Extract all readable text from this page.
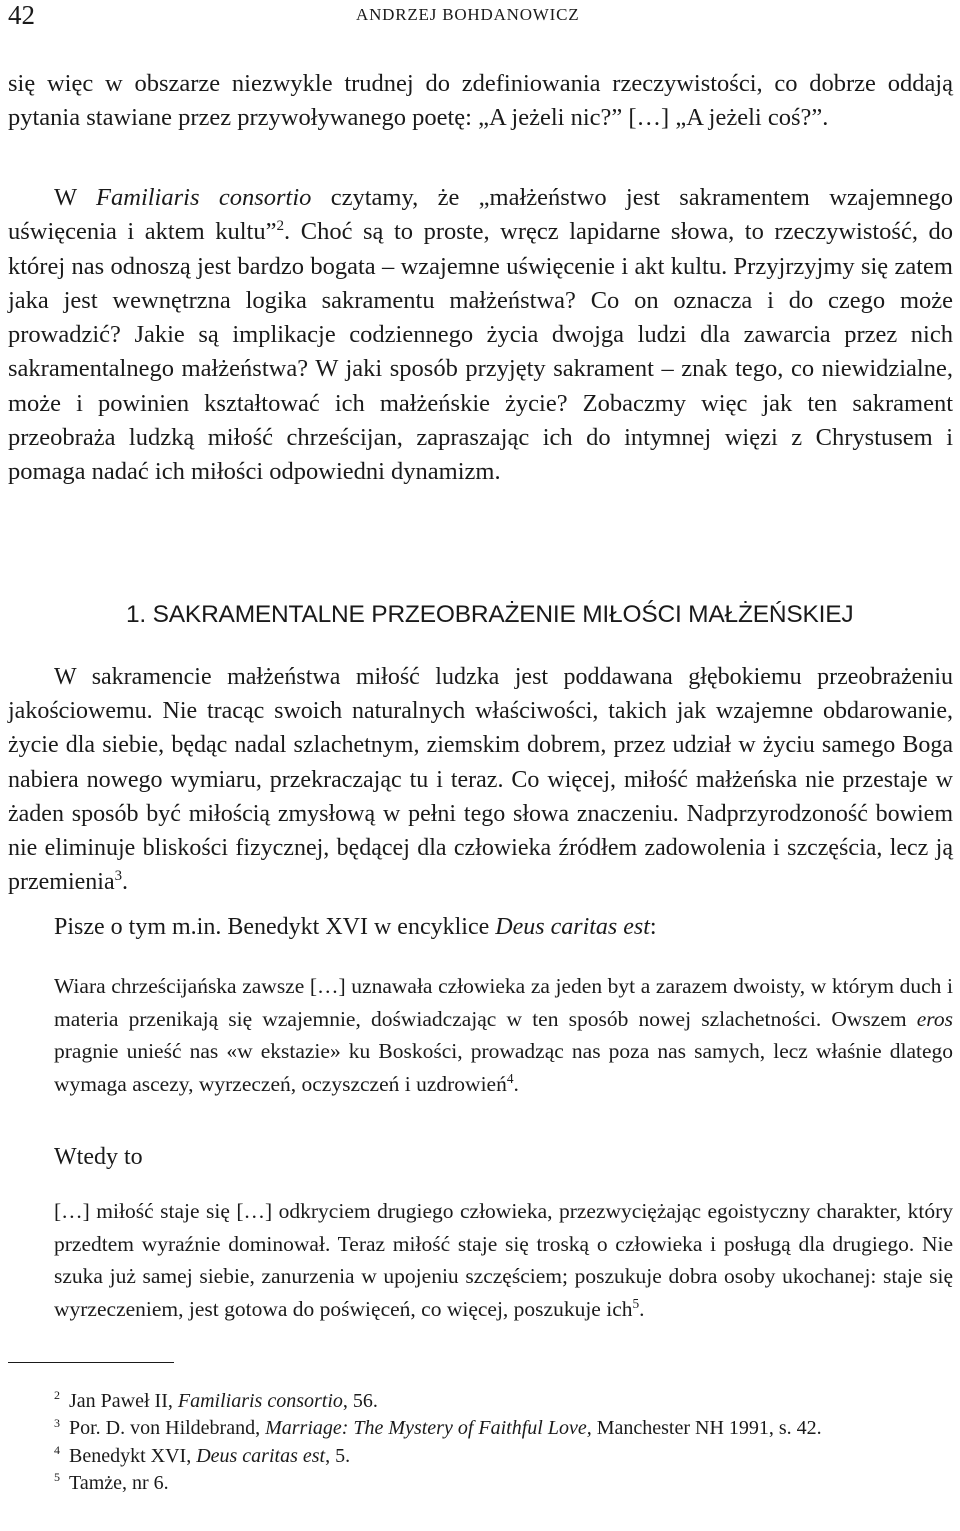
42	ANDRZEJ BOHDANOWICZ

się więc w obszarze niezwykle trudnej do zdefiniowania rzeczywistości, co dobrze oddają pytania stawiane przez przywoływanego poetę: „A jeżeli nic?” […] „A jeżeli coś?”.

W Familiaris consortio czytamy, że „małżeństwo jest sakramentem wzajemnego uświęcenia i aktem kultu”$^2$. Choć są to proste, wręcz lapidarne słowa, to rzeczywistość, do której nas odnoszą jest bardzo bogata – wzajemne uświęcenie i akt kultu. Przyjrzyjmy się zatem jaka jest wewnętrzna logika sakramentu małżeństwa? Co on oznacza i do czego może prowadzić? Jakie są implikacje codziennego życia dwojga ludzi dla zawarcia przez nich sakramentalnego małżeństwa? W jaki sposób przyjęty sakrament – znak tego, co niewidzialne, może i powinien kształtować ich małżeńskie życie? Zobaczmy więc jak ten sakrament przeobraża ludzką miłość chrześcijan, zapraszając ich do intymnej więzi z Chrystusem i pomaga nadać ich miłości odpowiedni dynamizm.

1. SAKRAMENTALNE PRZEOBRAŻENIE MIŁOŚCI MAŁŻEŃSKIEJ

W sakramencie małżeństwa miłość ludzka jest poddawana głębokiemu przeobrażeniu jakościowemu. Nie tracąc swoich naturalnych właściwości, takich jak wzajemne obdarowanie, życie dla siebie, będąc nadal szlachetnym, ziemskim dobrem, przez udział w życiu samego Boga nabiera nowego wymiaru, przekraczając tu i teraz. Co więcej, miłość małżeńska nie przestaje w żaden sposób być miłością zmysłową w pełni tego słowa znaczeniu. Nadprzyrodzoność bowiem nie eliminuje bliskości fizycznej, będącej dla człowieka źródłem zadowolenia i szczęścia, lecz ją przemienia$^3$.

Pisze o tym m.in. Benedykt XVI w encyklice Deus caritas est:

Wiara chrześcijańska zawsze […] uznawała człowieka za jeden byt a zarazem dwoisty, w którym duch i materia przenikają się wzajemnie, doświadczając w ten sposób nowej szlachetności. Owszem eros pragnie unieść nas «w ekstazie» ku Boskości, prowadząc nas poza nas samych, lecz właśnie dlatego wymaga ascezy, wyrzeczeń, oczyszczeń i uzdrowień$^4$.

Wtedy to

[…] miłość staje się […] odkryciem drugiego człowieka, przezwyciężając egoistyczny charakter, który przedtem wyraźnie dominował. Teraz miłość staje się troską o człowieka i posługą dla drugiego. Nie szuka już samej siebie, zanurzenia w upojeniu szczęściem; poszukuje dobra osoby ukochanej: staje się wyrzeczeniem, jest gotowa do poświęceń, co więcej, poszukuje ich$^5$.

$^2$ Jan Paweł II, Familiaris consortio, 56.

$^3$ Por. D. von Hildebrand, Marriage: The Mystery of Faithful Love, Manchester NH 1991, s. 42.

$^4$ Benedykt XVI, Deus caritas est, 5.

$^5$ Tamże, nr 6.
